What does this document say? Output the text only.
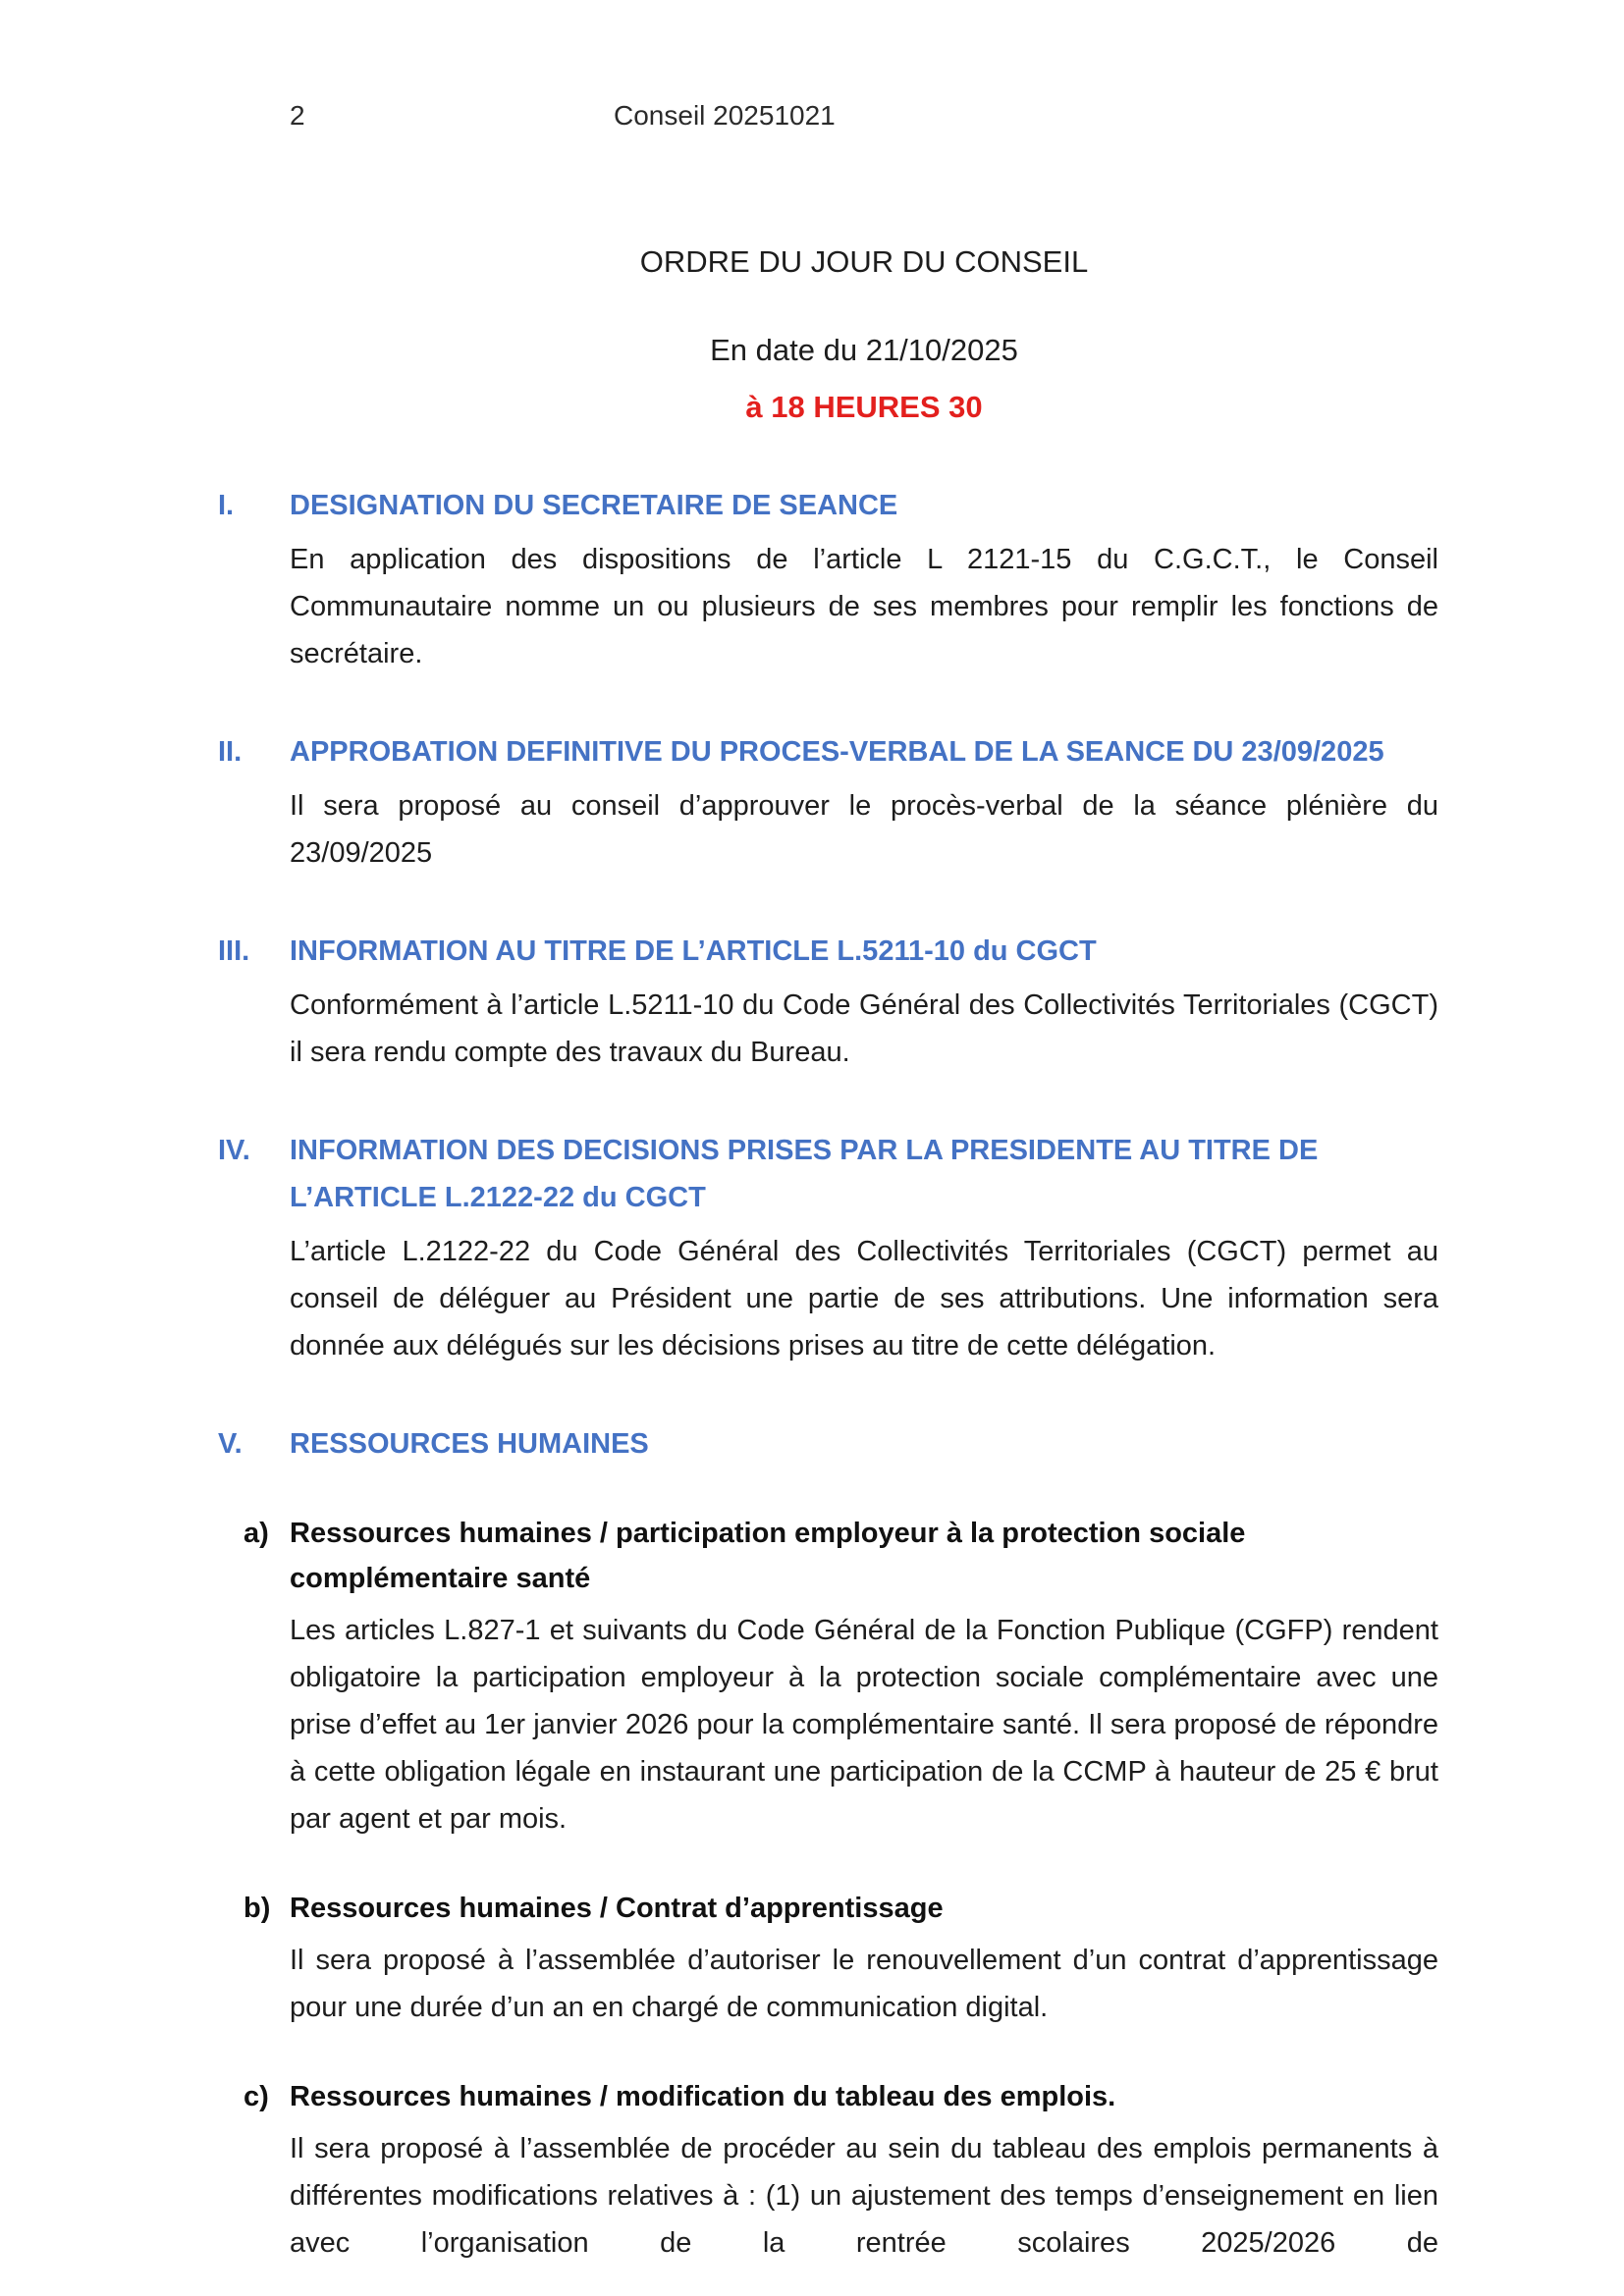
2	Conseil 20251021
ORDRE DU JOUR DU CONSEIL
En date du 21/10/2025
à 18 HEURES 30
I. DESIGNATION DU SECRETAIRE DE SEANCE

En application des dispositions de l’article L 2121-15 du C.G.C.T., le Conseil Communautaire nomme un ou plusieurs de ses membres pour remplir les fonctions de secrétaire.

II. APPROBATION DEFINITIVE DU PROCES-VERBAL DE LA SEANCE DU 23/09/2025

Il sera proposé au conseil d’approuver le procès-verbal de la séance plénière du 23/09/2025

III. INFORMATION AU TITRE DE L’ARTICLE L.5211-10 du CGCT

Conformément à l’article L.5211-10 du Code Général des Collectivités Territoriales (CGCT) il sera rendu compte des travaux du Bureau.

IV. INFORMATION DES DECISIONS PRISES PAR LA PRESIDENTE AU TITRE DE L’ARTICLE L.2122-22 du CGCT

L’article L.2122-22 du Code Général des Collectivités Territoriales (CGCT) permet au conseil de déléguer au Président une partie de ses attributions. Une information sera donnée aux délégués sur les décisions prises au titre de cette délégation.

V. RESSOURCES HUMAINES
a) Ressources humaines / participation employeur à la protection sociale complémentaire santé

Les articles L.827-1 et suivants du Code Général de la Fonction Publique (CGFP) rendent obligatoire la participation employeur à la protection sociale complémentaire avec une prise d’effet au 1er janvier 2026 pour la complémentaire santé. Il sera proposé de répondre à cette obligation légale en instaurant une participation de la CCMP à hauteur de 25 € brut par agent et par mois.

b) Ressources humaines / Contrat d’apprentissage

Il sera proposé à l’assemblée d’autoriser le renouvellement d’un contrat d’apprentissage pour une durée d’un an en chargé de communication digital.

c) Ressources humaines / modification du tableau des emplois.

Il sera proposé à l’assemblée de procéder au sein du tableau des emplois permanents à différentes modifications relatives à : (1) un ajustement des temps d’enseignement en lien avec l’organisation de la rentrée scolaires 2025/2026 de
